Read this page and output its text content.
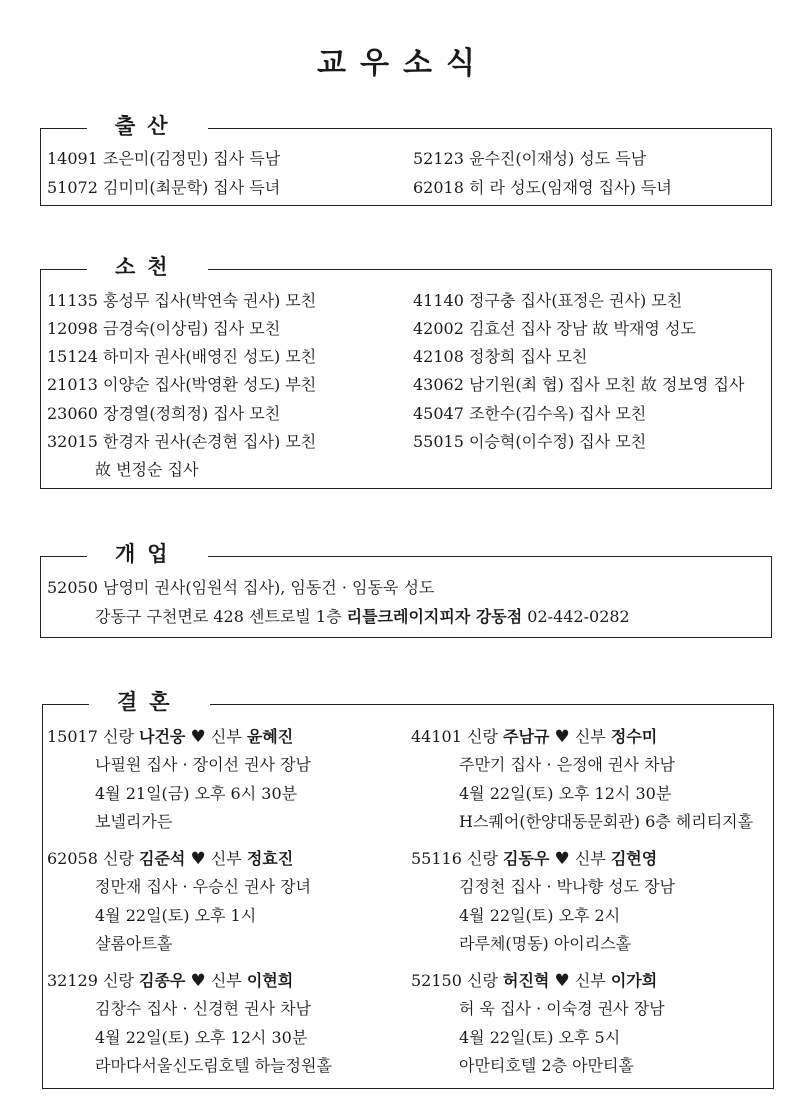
교우소식
출산
14091 조은미(김정민) 집사 득남	52123 윤수진(이재성) 성도 득남
51072 김미미(최문학) 집사 득녀	62018 히 라 성도(임재영 집사) 득녀
소천
11135 홍성무 집사(박연숙 권사) 모친	41140 정구충 집사(표정은 권사) 모친
12098 금경숙(이상림) 집사 모친	42002 김효선 집사 장남 故 박재영 성도
15124 하미자 권사(배영진 성도) 모친	42108 정창희 집사 모친
21013 이양순 집사(박영환 성도) 부친	43062 남기원(최 협) 집사 모친 故 정보영 집사
23060 장경열(정희정) 집사 모친	45047 조한수(김수옥) 집사 모친
32015 한경자 권사(손경현 집사) 모친	55015 이승혁(이수정) 집사 모친
故 변정순 집사
개업
52050 남영미 권사(임원석 집사), 임동건 · 임동욱 성도
강동구 구천면로 428 센트로빌 1층 리틀크레이지피자 강동점 02-442-0282
결혼
15017 신랑 나건웅 ♥ 신부 윤혜진
나필원 집사 · 장이선 권사 장남
4월 21일(금) 오후 6시 30분
보넬리가든
44101 신랑 주남규 ♥ 신부 정수미
주만기 집사 · 은정애 권사 차남
4월 22일(토) 오후 12시 30분
H스퀘어(한양대동문회관) 6층 헤리티지홀
62058 신랑 김준석 ♥ 신부 정효진
정만재 집사 · 우승신 권사 장녀
4월 22일(토) 오후 1시
샬롬아트홀
55116 신랑 김동우 ♥ 신부 김현영
김정천 집사 · 박나향 성도 장남
4월 22일(토) 오후 2시
라루체(명동) 아이리스홀
32129 신랑 김종우 ♥ 신부 이현희
김창수 집사 · 신경현 권사 차남
4월 22일(토) 오후 12시 30분
라마다서울신도림호텔 하늘정원홀
52150 신랑 허진혁 ♥ 신부 이가희
허 욱 집사 · 이숙경 권사 장남
4월 22일(토) 오후 5시
아만티호텔 2층 아만티홀
